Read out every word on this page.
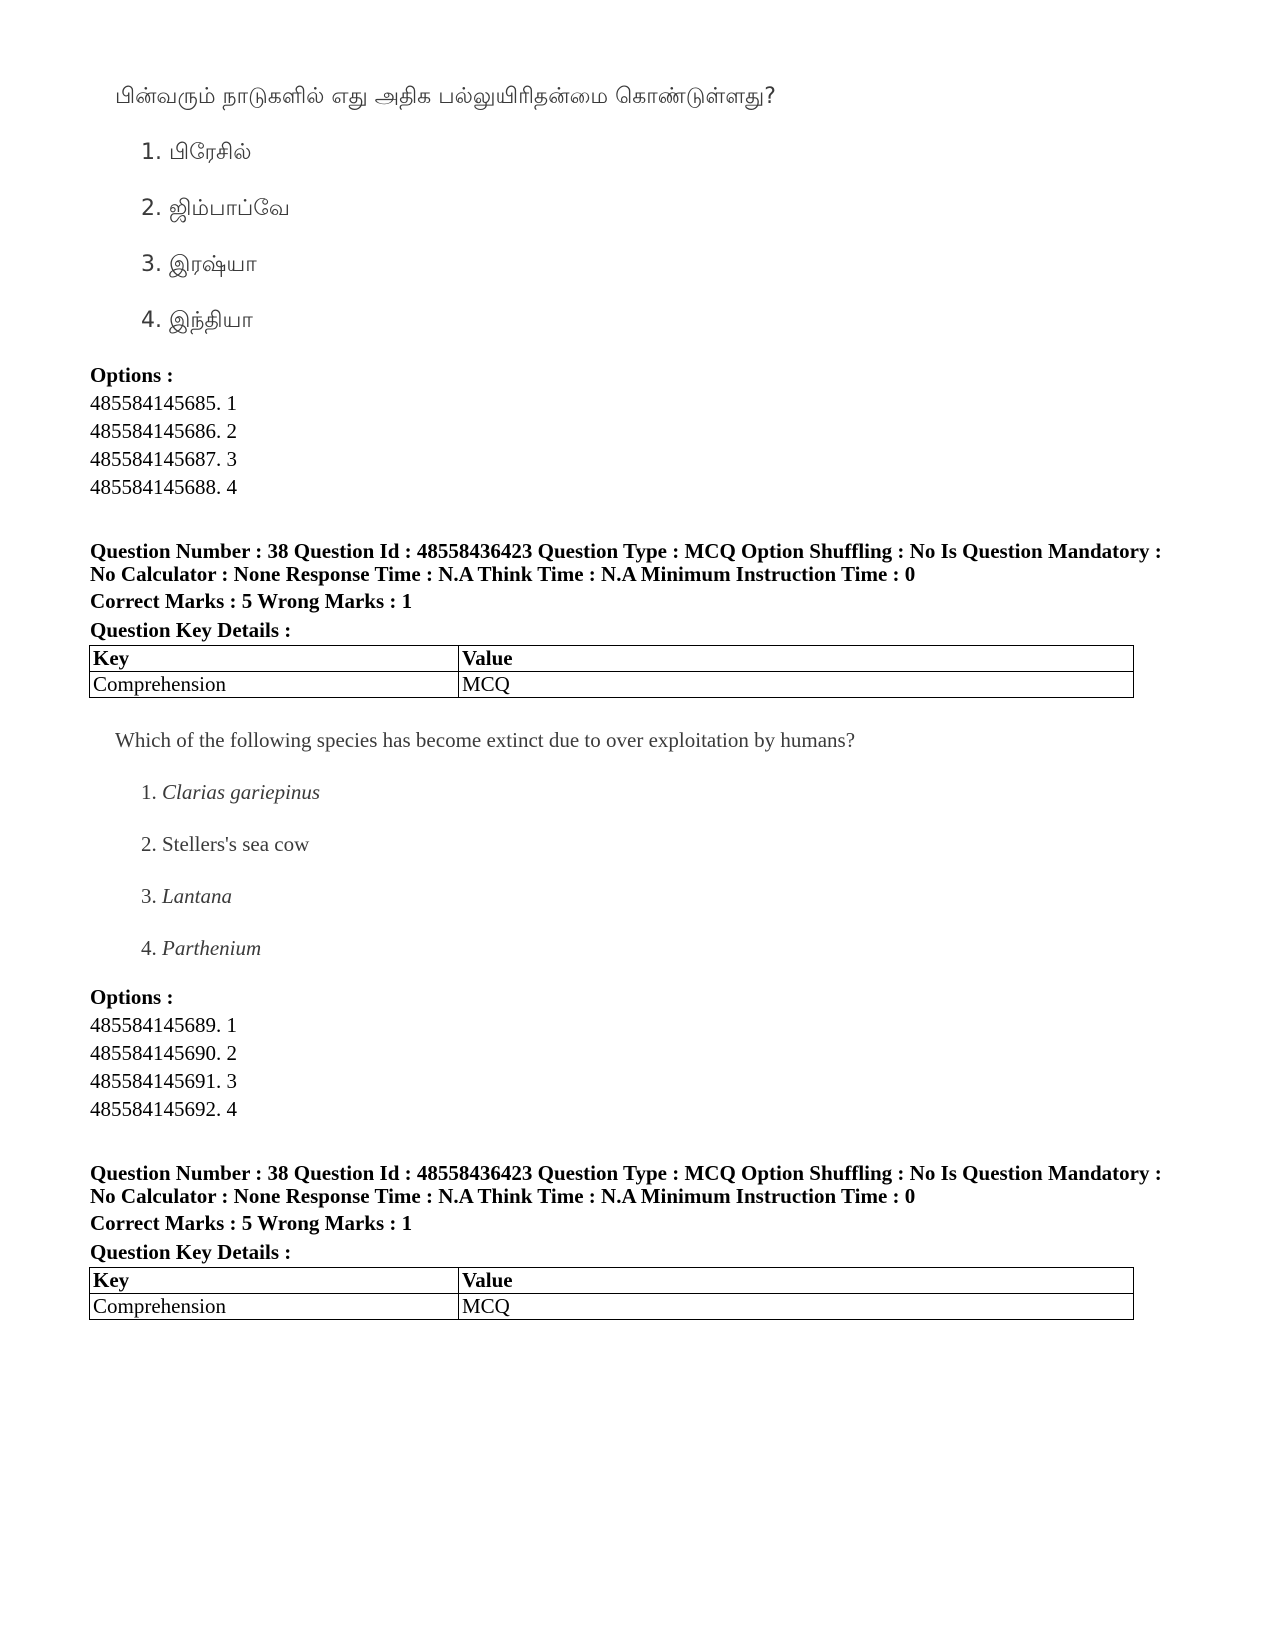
பின்வரும் நாடுகளில் எது அதிக பல்லுயிரிதன்மை கொண்டுள்ளது?
1. பிரேசில்
2. ஜிம்பாப்வே
3. இரஷ்யா
4. இந்தியா
Options :
485584145685. 1
485584145686. 2
485584145687. 3
485584145688. 4
Question Number : 38 Question Id : 48558436423 Question Type : MCQ Option Shuffling : No Is Question Mandatory :
No Calculator : None Response Time : N.A Think Time : N.A Minimum Instruction Time : 0
Correct Marks : 5 Wrong Marks : 1
Question Key Details :
Key	Value
Comprehension	MCQ
Which of the following species has become extinct due to over exploitation by humans?
1. Clarias gariepinus
2. Stellers's sea cow
3. Lantana
4. Parthenium
Options :
485584145689. 1
485584145690. 2
485584145691. 3
485584145692. 4
Question Number : 38 Question Id : 48558436423 Question Type : MCQ Option Shuffling : No Is Question Mandatory :
No Calculator : None Response Time : N.A Think Time : N.A Minimum Instruction Time : 0
Correct Marks : 5 Wrong Marks : 1
Question Key Details :
Key	Value
Comprehension	MCQ
